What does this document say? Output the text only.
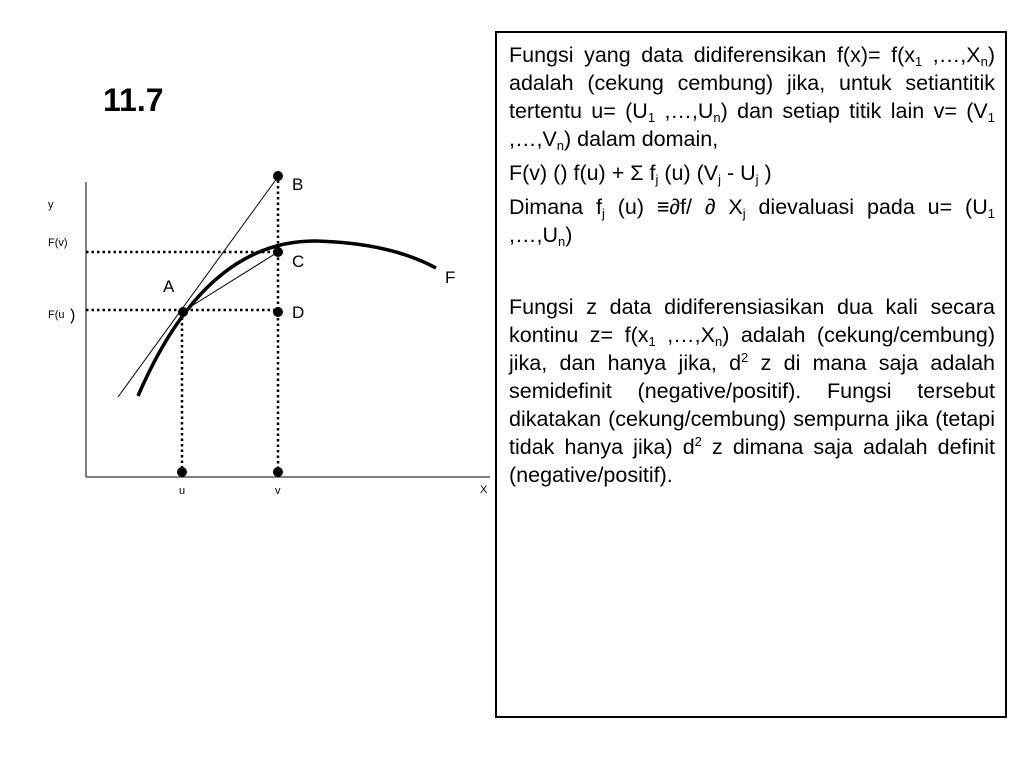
11.7
y
F(v)
F(u )
u	v	X
A
B
C
D
F

Fungsi yang data didiferensikan $f(x)= f(x_1$ $,\dots,X_n$) adalah (cekung cembung) jika, untuk setiantitik tertentu $u= (U_1$ $,\dots,U_n$) dan setiap titik lain $v= (V_1$ $,\dots,V_n$) dalam domain,

F(v) () f(u) + Σ $f_j$ (u) ($V_j - U_j$ )

Dimana $f_j$ (u) ≡∂f/ ∂ $X_j$ dievaluasi pada $u= (U_1$ $,\dots,U_n$)

Fungsi z data didiferensiasikan dua kali secara kontinu $z= f(x_1$ $,\dots,X_n$) adalah (cekung/cembung) jika, dan hanya jika, $d^2$ z di mana saja adalah semidefinit (negative/positif). Fungsi tersebut dikatakan (cekung/cembung) sempurna jika (tetapi tidak hanya jika) $d^2$ z dimana saja adalah definit (negative/positif).
